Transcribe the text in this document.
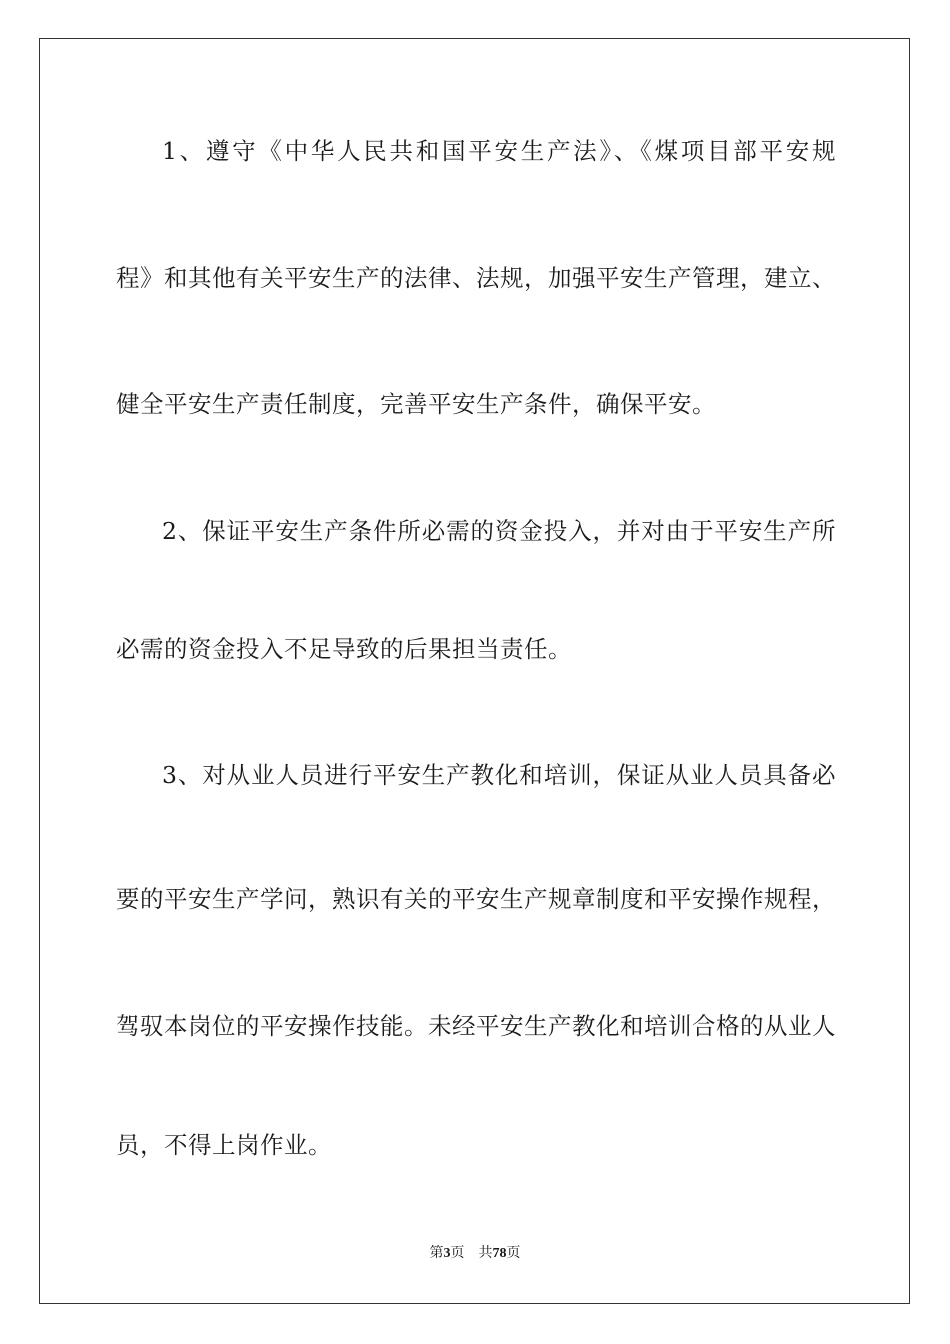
1、遵守《中华人民共和国平安生产法》、《煤项目部平安规
程》和其他有关平安生产的法律、法规，加强平安生产管理，建立、
健全平安生产责任制度，完善平安生产条件，确保平安。
2、保证平安生产条件所必需的资金投入，并对由于平安生产所
必需的资金投入不足导致的后果担当责任。
3、对从业人员进行平安生产教化和培训，保证从业人员具备必
要的平安生产学问，熟识有关的平安生产规章制度和平安操作规程，
驾驭本岗位的平安操作技能。未经平安生产教化和培训合格的从业人
员，不得上岗作业。
第3页 共78页
